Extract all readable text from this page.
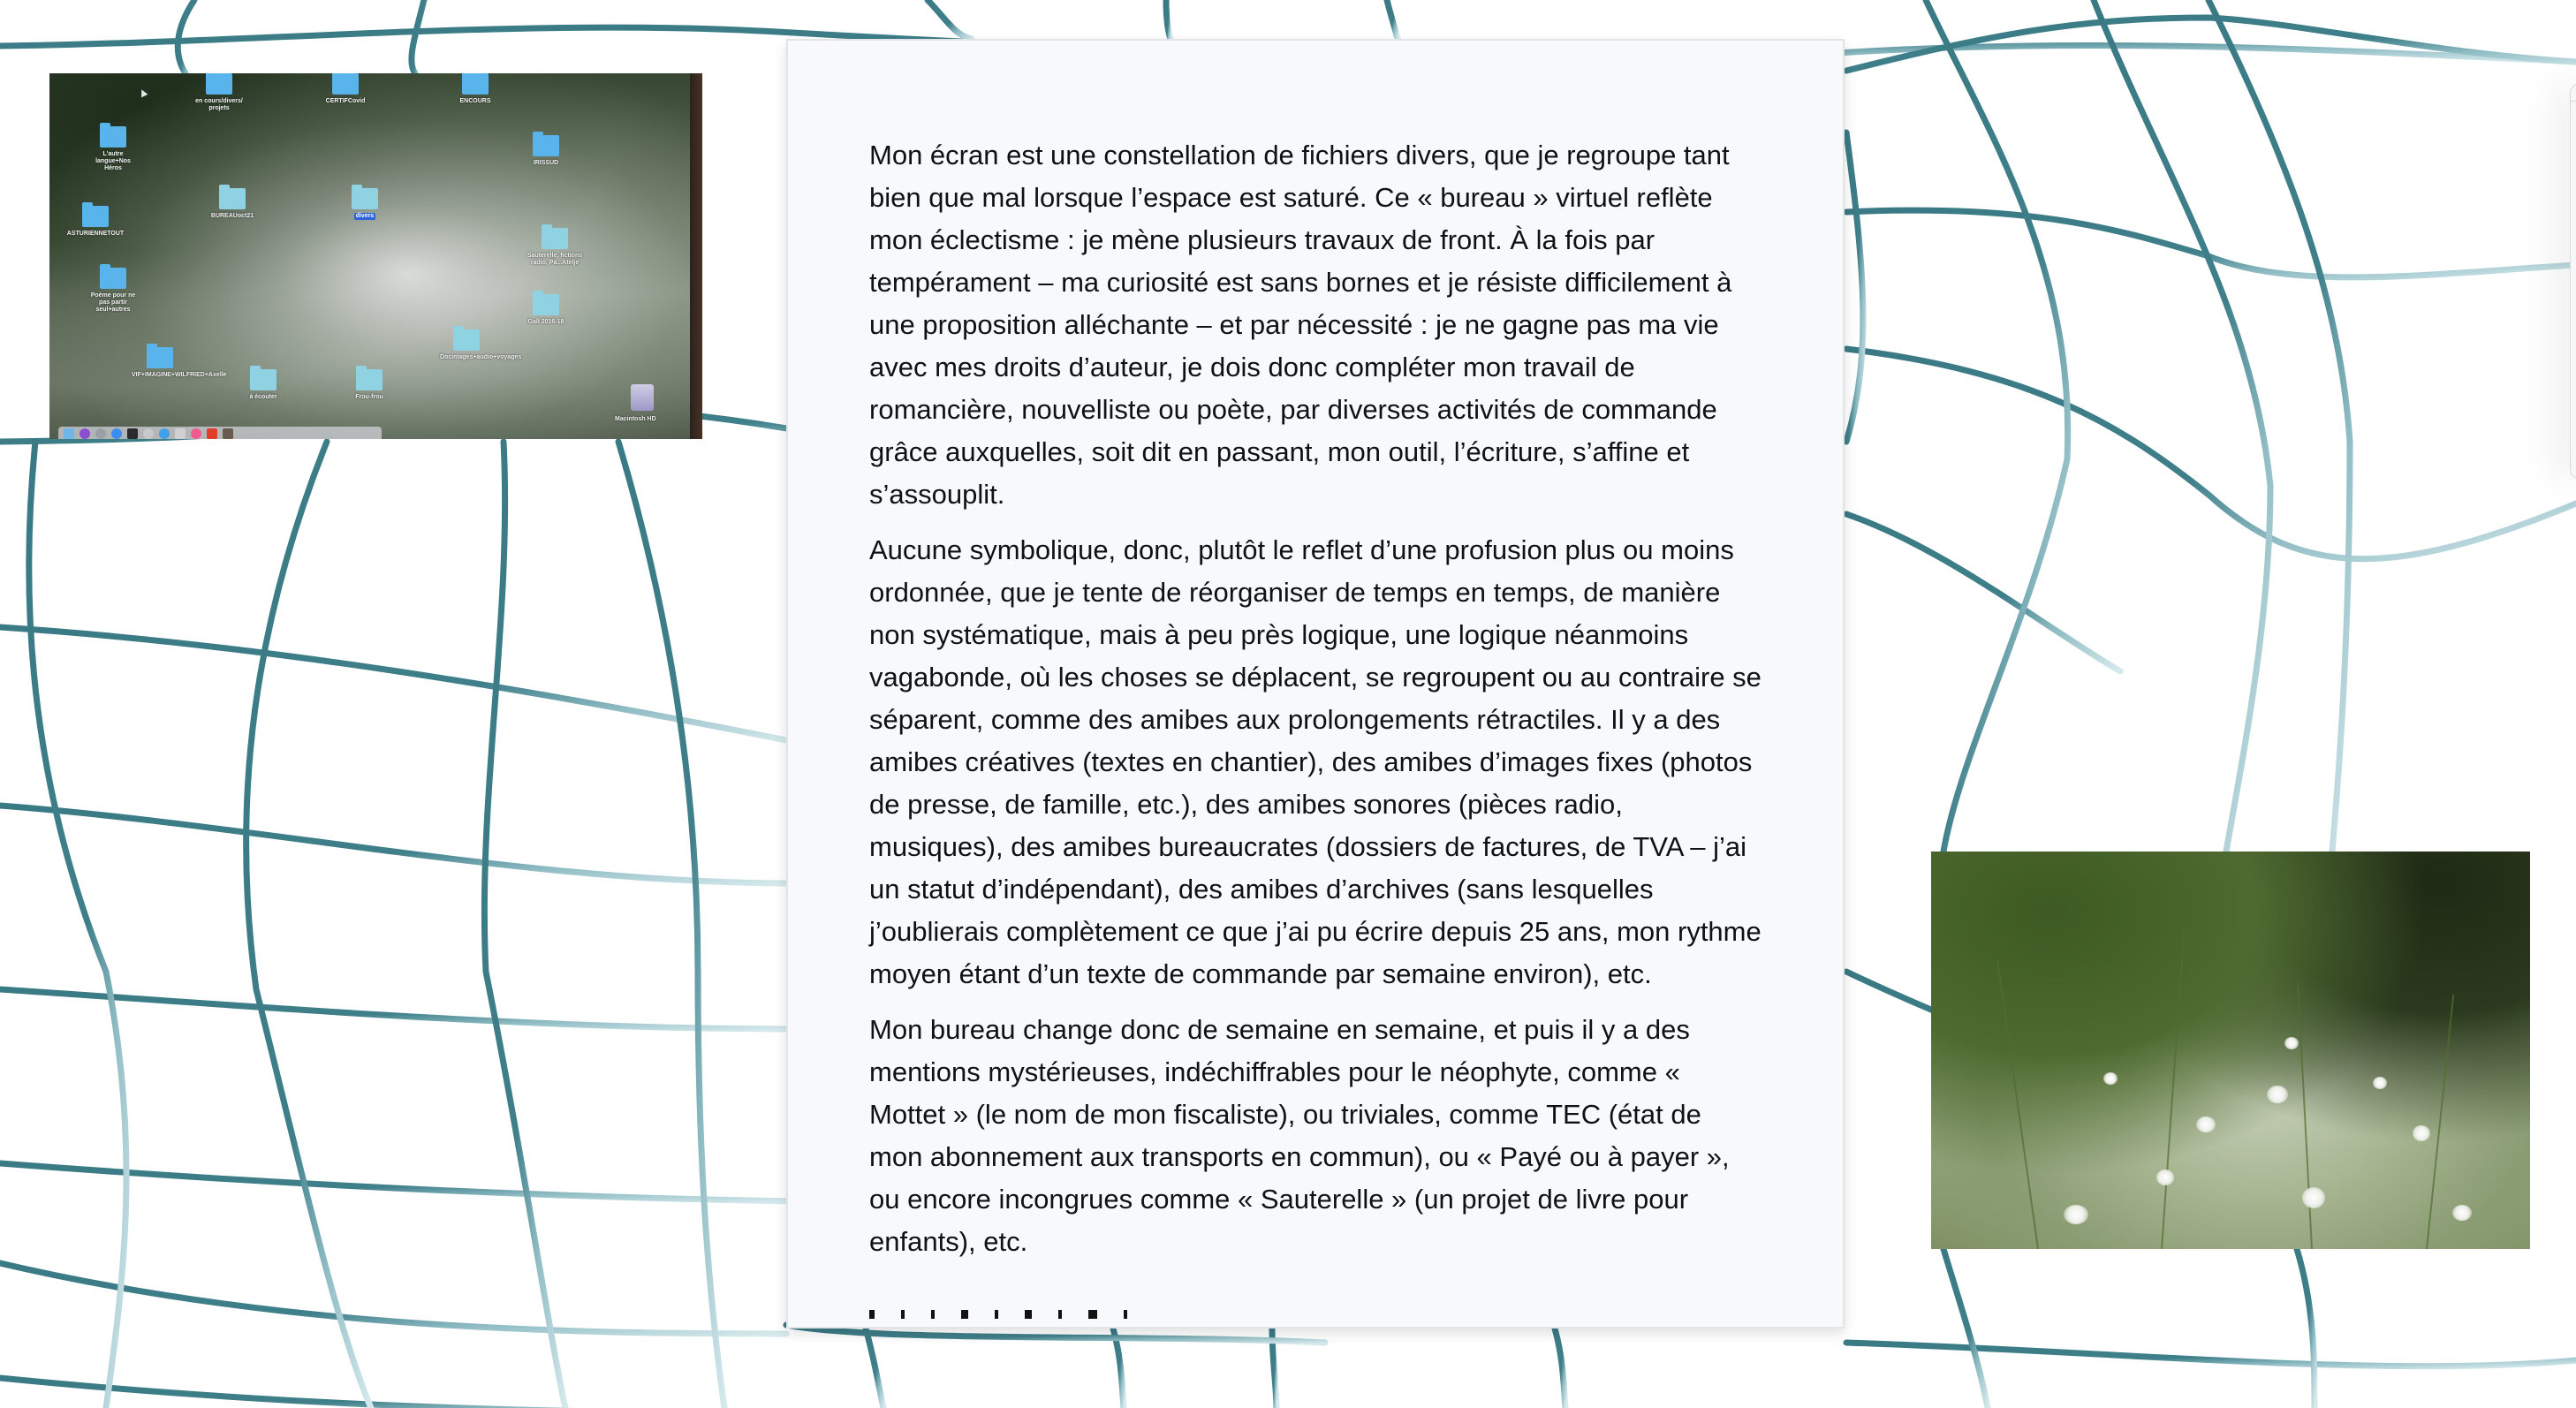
en cours/divers/ projets
CERTIFCovid	ENCOURS
L'autre langue+Nos Héros
IRISSUD
BUREAUoct21	divers
ASTURIENNETOUT
Sauterelle, fictions radio, Pa...Atelje
Poème pour ne pas partir seul+autres
Gall 2016-18
VIF+IMAGINE+WILFRIED+Axelle
à écouter	Frou-frou
Docimages+audio+voyages
Macintosh HD

Mon écran est une constellation de fichiers divers, que je regroupe tant bien que mal lorsque l’espace est saturé. Ce « bureau » virtuel reflète mon éclectisme : je mène plusieurs travaux de front. À la fois par tempérament – ma curiosité est sans bornes et je résiste difficilement à une proposition alléchante – et par nécessité : je ne gagne pas ma vie avec mes droits d’auteur, je dois donc compléter mon travail de romancière, nouvelliste ou poète, par diverses activités de commande grâce auxquelles, soit dit en passant, mon outil, l’écriture, s’affine et s’assouplit.

Aucune symbolique, donc, plutôt le reflet d’une profusion plus ou moins ordonnée, que je tente de réorganiser de temps en temps, de manière non systématique, mais à peu près logique, une logique néanmoins vagabonde, où les choses se déplacent, se regroupent ou au contraire se séparent, comme des amibes aux prolongements rétractiles. Il y a des amibes créatives (textes en chantier), des amibes d’images fixes (photos de presse, de famille, etc.), des amibes sonores (pièces radio, musiques), des amibes bureaucrates (dossiers de factures, de TVA – j’ai un statut d’indépendant), des amibes d’archives (sans lesquelles j’oublierais complètement ce que j’ai pu écrire depuis 25 ans, mon rythme moyen étant d’un texte de commande par semaine environ), etc.

Mon bureau change donc de semaine en semaine, et puis il y a des mentions mystérieuses, indéchiffrables pour le néophyte, comme « Mottet » (le nom de mon fiscaliste), ou triviales, comme TEC (état de mon abonnement aux transports en commun), ou « Payé ou à payer », ou encore incongrues comme « Sauterelle » (un projet de livre pour enfants), etc.
